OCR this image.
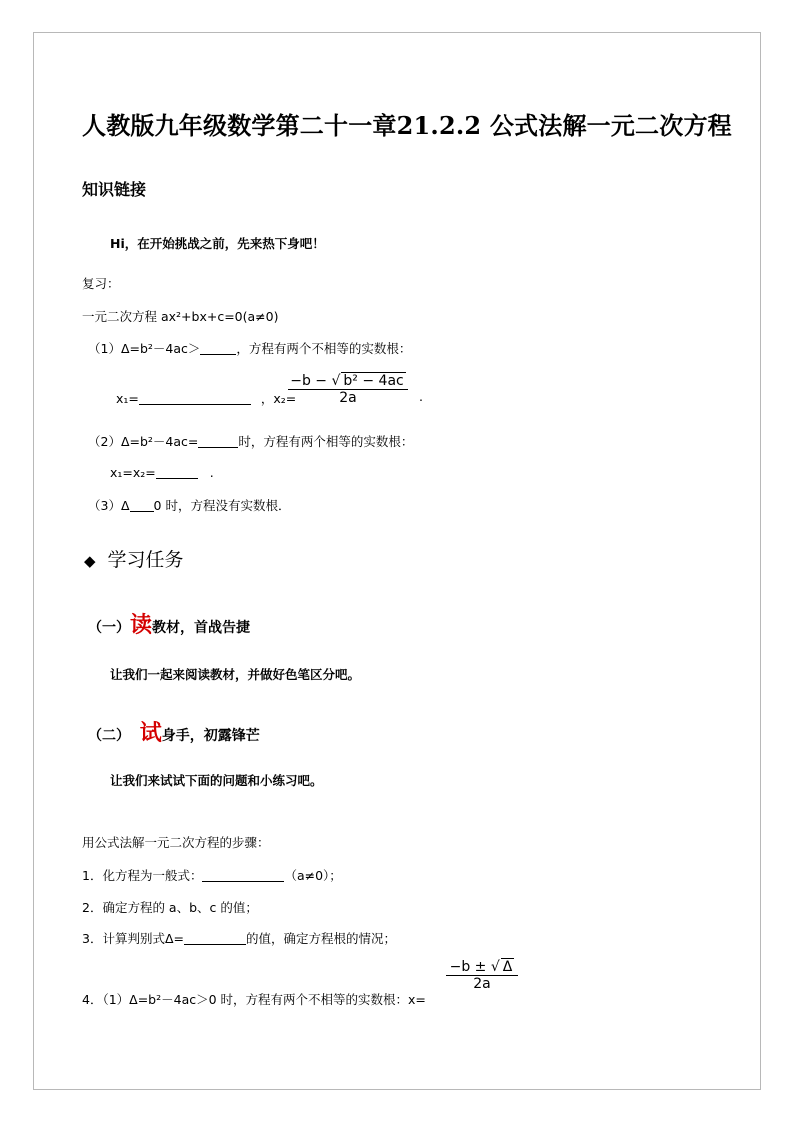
人教版九年级数学第二十一章21.2.2 公式法解一元二次方程
知识链接
Hi，在开始挑战之前，先来热下身吧！
复习：
一元二次方程 ax²+bx+c=0(a≠0)
（1）Δ=b²－4ac＞	，方程有两个不相等的实数根：
x₁=	，x₂=
−b − √ b² − 4ac
2a	.
（2）Δ=b²－4ac=	时，方程有两个相等的实数根：
x₁=x₂=	.
（3）Δ 0 时，方程没有实数根．
◆ 学习任务
（一）读教材，首战告捷
让我们一起来阅读教材，并做好色笔区分吧。
（二） 试身手，初露锋芒
让我们来试试下面的问题和小练习吧。
用公式法解一元二次方程的步骤：
1．化方程为一般式：	（a≠0）；
2．确定方程的 a、b、c 的值；
3．计算判别式Δ=	的值，确定方程根的情况；
4．（1）Δ=b²－4ac＞0 时，方程有两个不相等的实数根：x=
−b ± √ Δ
2a
